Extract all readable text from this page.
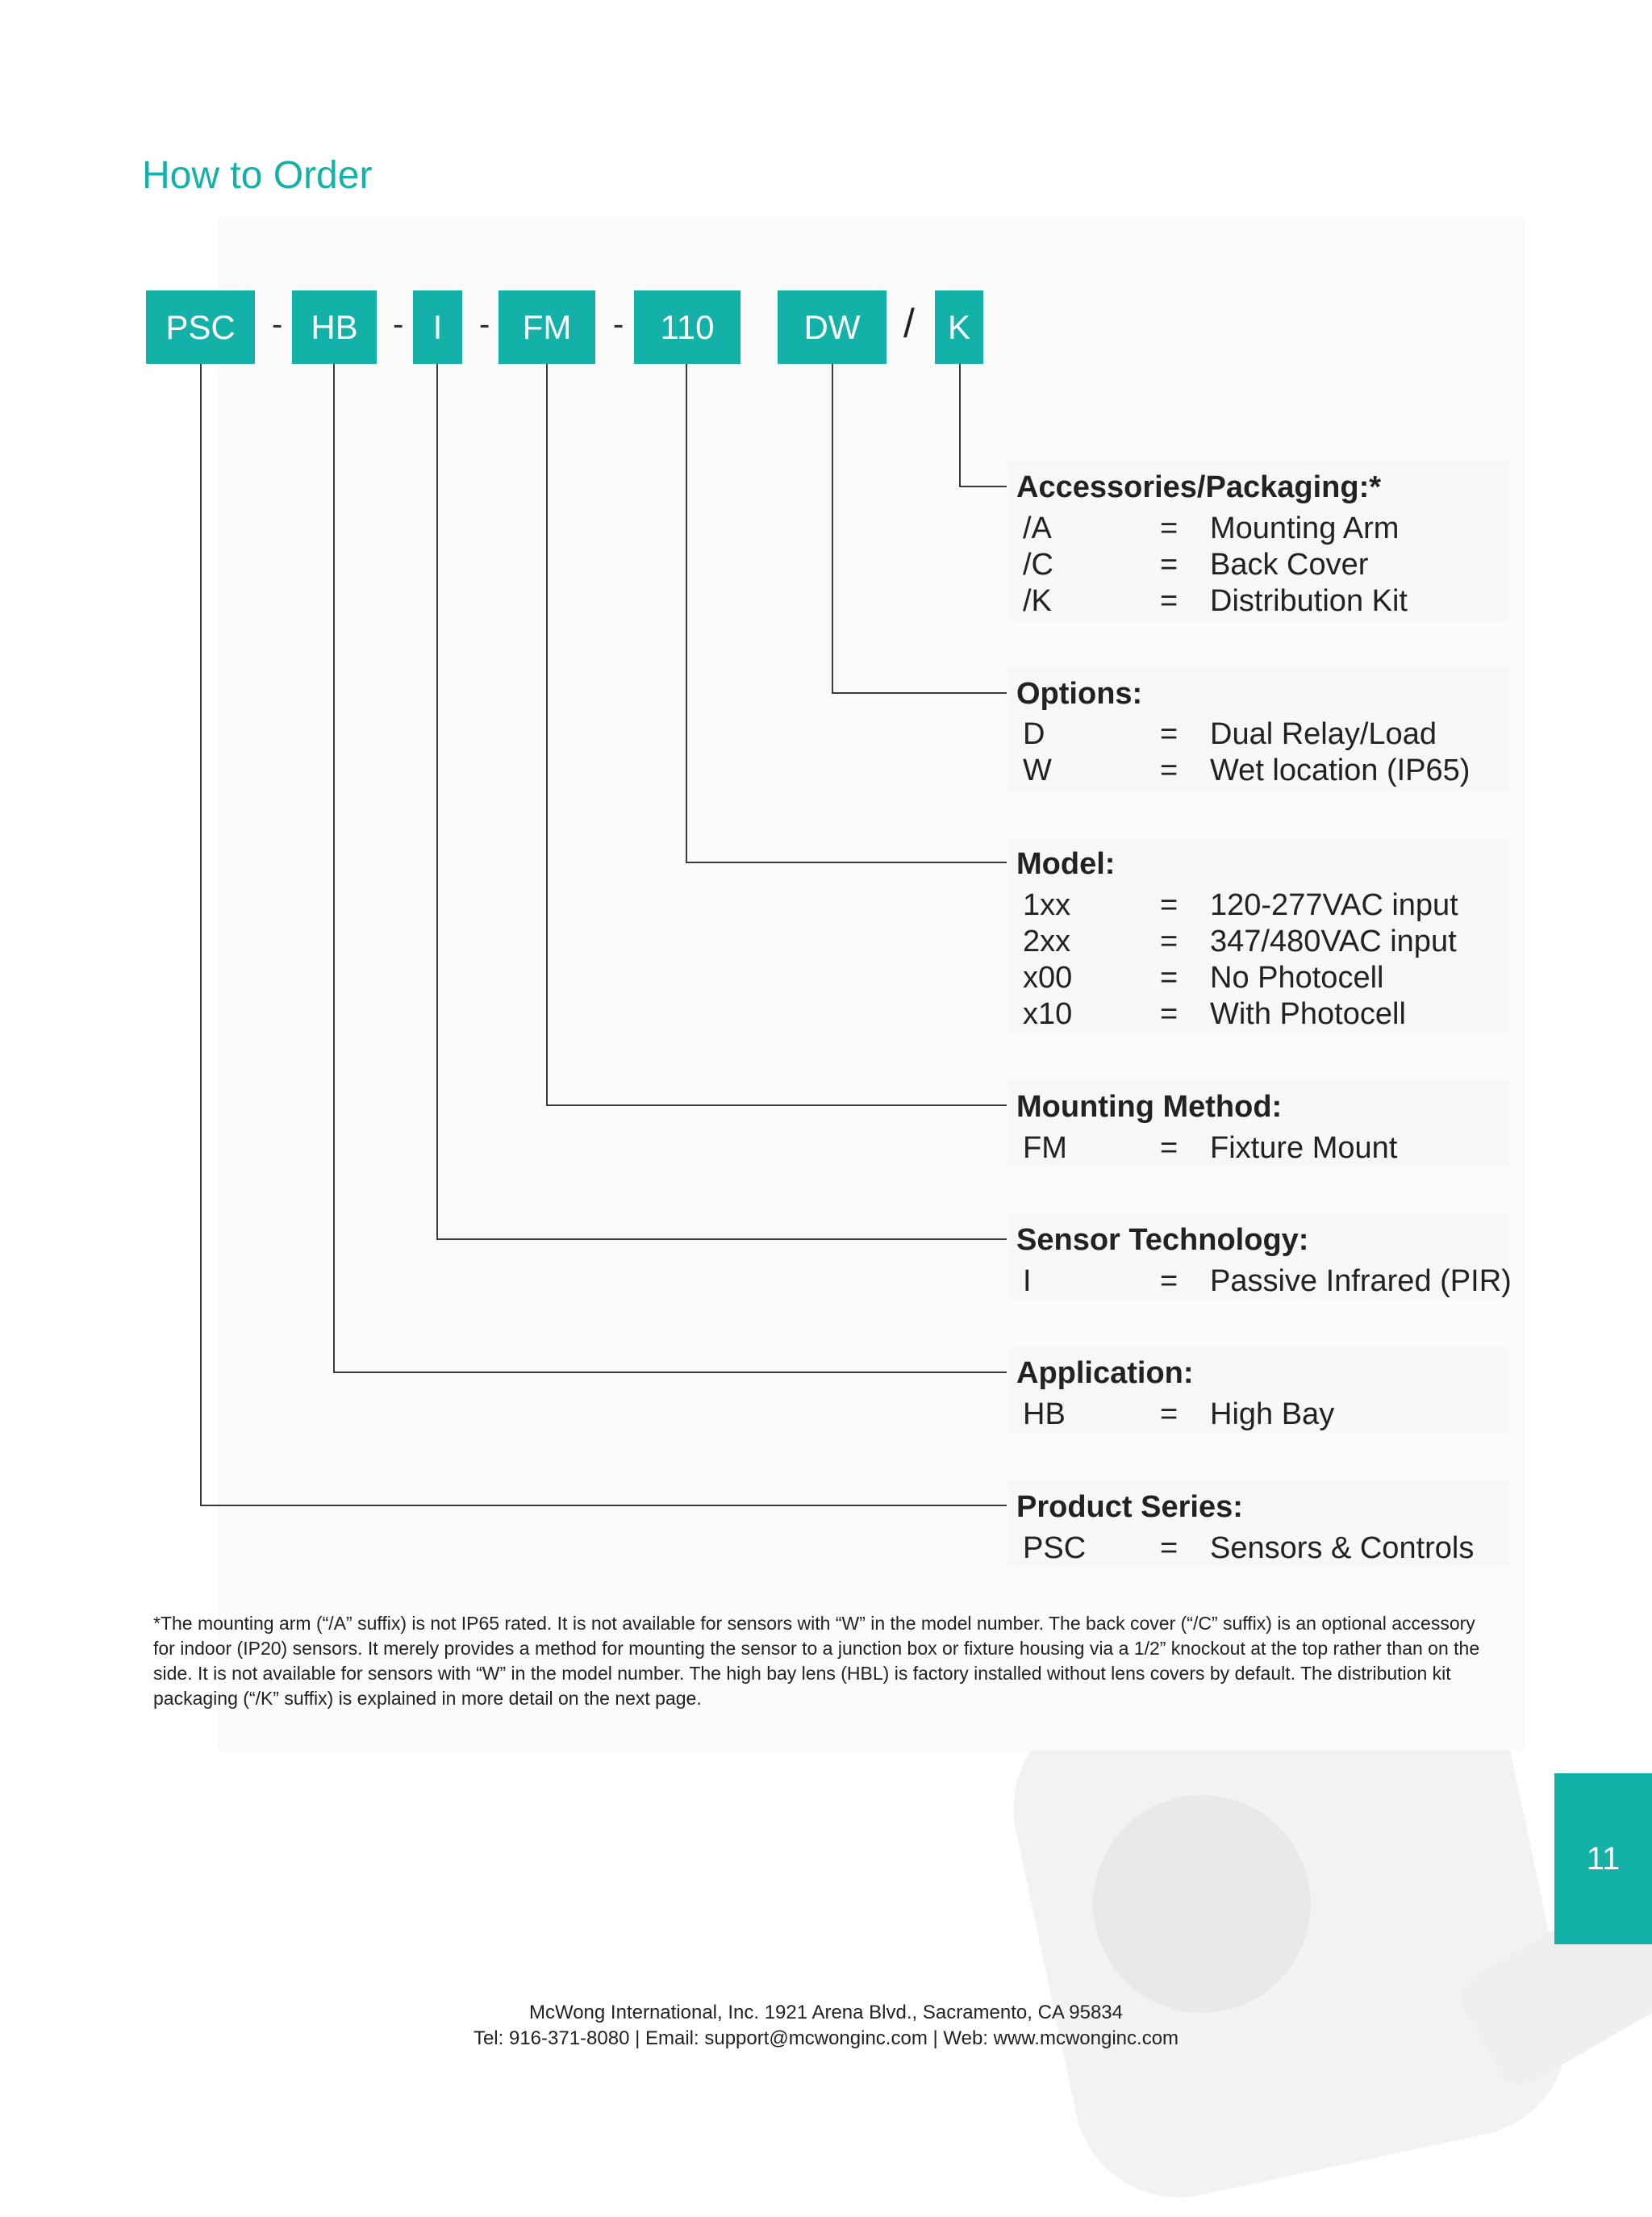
How to Order
PSC	- HB	- I	- FM	-	110	DW	/ K
Accessories/Packaging:*
/A	= Mounting Arm
/C	= Back Cover
/K	= Distribution Kit
Options:
D	= Dual Relay/Load
W	= Wet location (IP65)
Model:
1xx	= 120-277VAC input
2xx	= 347/480VAC input
x00	= No Photocell
x10	= With Photocell
Mounting Method:
FM	= Fixture Mount
Sensor Technology:
I	= Passive Infrared (PIR)
Application:
HB	= High Bay
Product Series:
PSC = Sensors & Controls

*The mounting arm (“/A” suffix) is not IP65 rated. It is not available for sensors with “W” in the model number. The back cover (“/C” suffix) is an optional accessory for indoor (IP20) sensors. It merely provides a method for mounting the sensor to a junction box or fixture housing via a 1/2” knockout at the top rather than on the side. It is not available for sensors with “W” in the model number. The high bay lens (HBL) is factory installed without lens covers by default. The distribution kit packaging (“/K” suffix) is explained in more detail on the next page.

11
McWong International, Inc. 1921 Arena Blvd., Sacramento, CA 95834
Tel: 916-371-8080 | Email: support@mcwonginc.com | Web: www.mcwonginc.com
